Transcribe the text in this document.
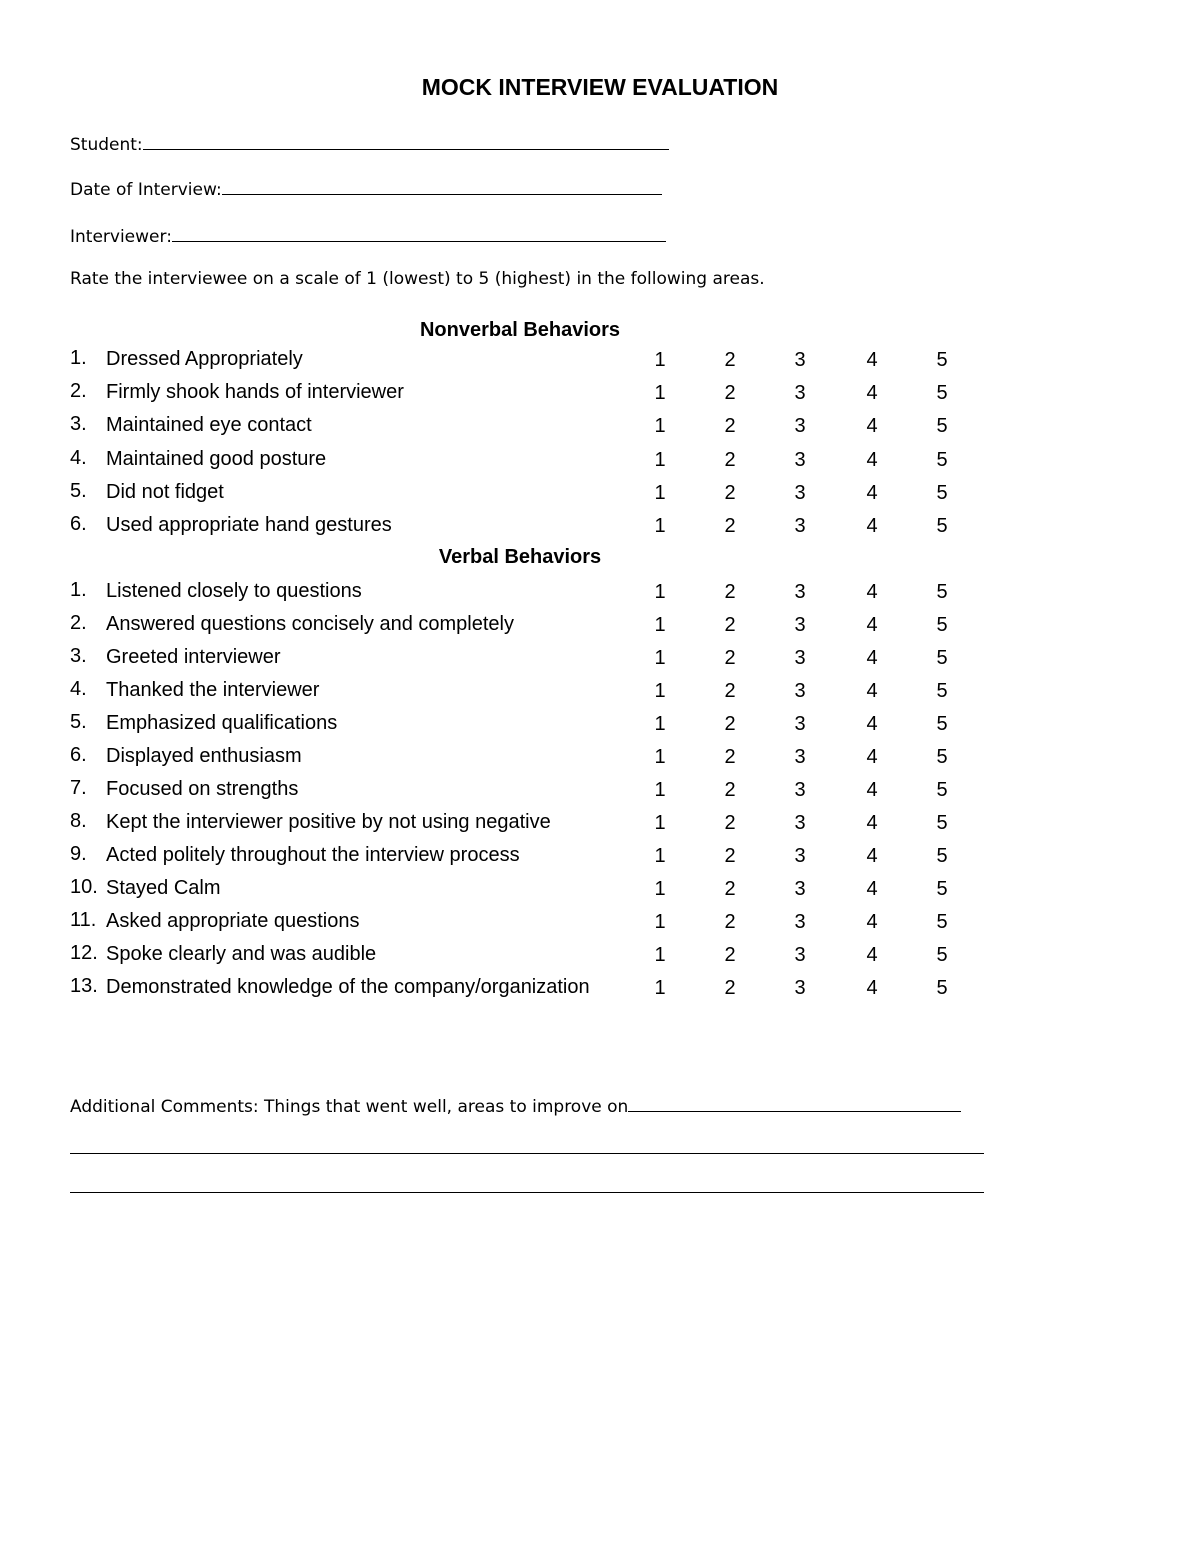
MOCK INTERVIEW EVALUATION
Student:
Date of Interview:
Interviewer:
Rate the interviewee on a scale of 1 (lowest) to 5 (highest) in the following areas.
Nonverbal Behaviors
1. Dressed Appropriately	1	2	3	4	5
2. Firmly shook hands of interviewer	1	2	3	4	5
3. Maintained eye contact	1	2	3	4	5
4. Maintained good posture	1	2	3	4	5
5. Did not fidget	1	2	3	4	5
6. Used appropriate hand gestures	1	2	3	4	5
Verbal Behaviors
1. Listened closely to questions	1	2	3	4	5
2. Answered questions concisely and completely	1	2	3	4	5
3. Greeted interviewer	1	2	3	4	5
4. Thanked the interviewer	1	2	3	4	5
5. Emphasized qualifications	1	2	3	4	5
6. Displayed enthusiasm	1	2	3	4	5
7. Focused on strengths	1	2	3	4	5
8. Kept the interviewer positive by not using negative	1	2	3	4	5
9. Acted politely throughout the interview process	1	2	3	4	5
10. Stayed Calm	1	2	3	4	5
11. Asked appropriate questions	1	2	3	4	5
12. Spoke clearly and was audible	1	2	3	4	5
13. Demonstrated knowledge of the company/organization	1	2	3	4	5
Additional Comments: Things that went well, areas to improve on
